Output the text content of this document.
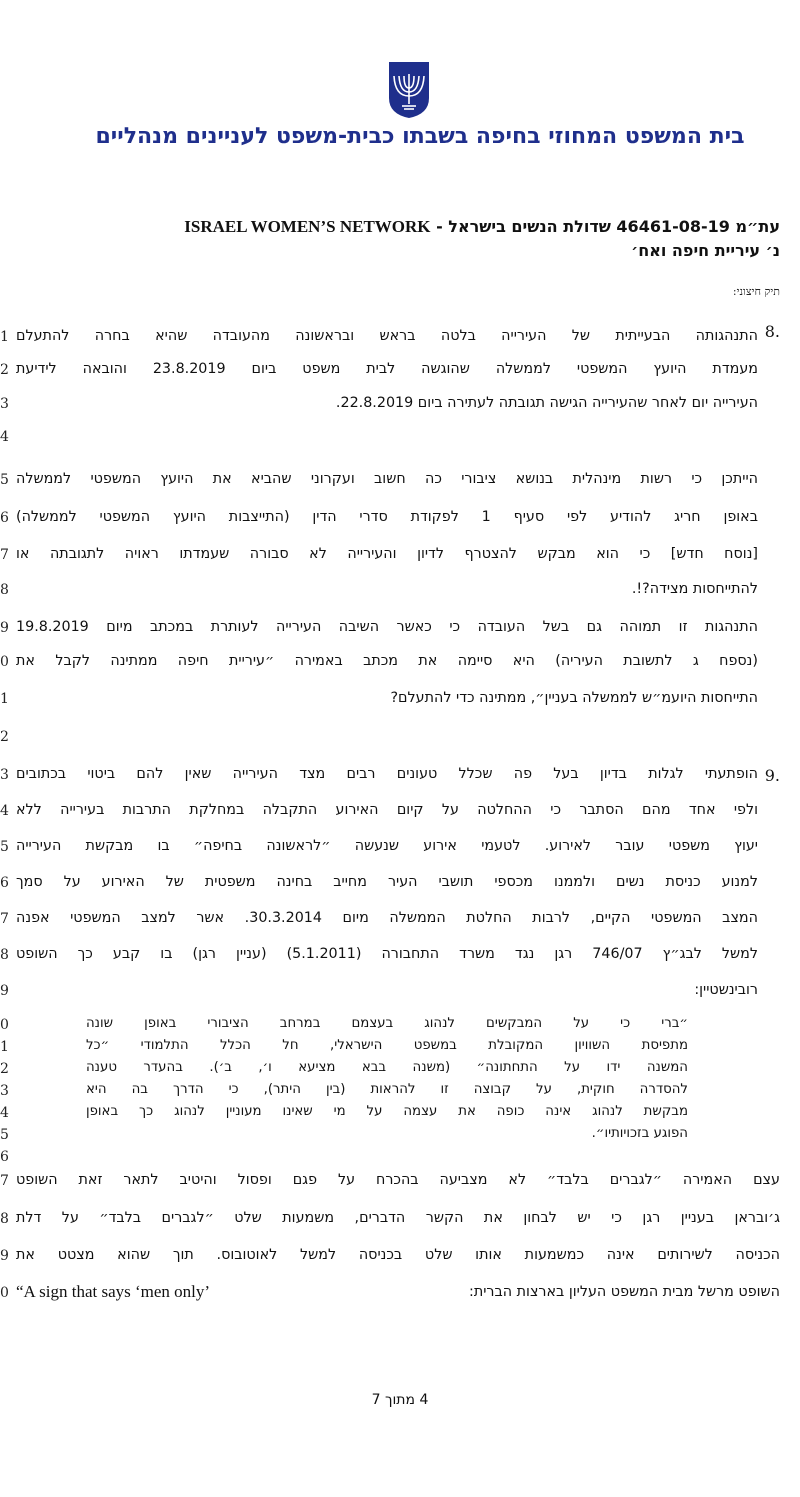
בית המשפט המחוזי בחיפה בשבתו כבית-משפט לעניינים מנהליים
עת״מ 46461-08-19 שדולת הנשים בישראל - ISRAEL WOMEN’S NETWORK
נ׳ עיריית חיפה ואח׳
תיק חיצוני:
8.
9.
1
2
3
4
5
6
7
8
9
0
1
2
3
4
5
6
7
8
9
0
1
2
3
4
5
6
7
8
9
0
התנהגותה הבעייתית של העירייה בלטה בראש ובראשונה מהעובדה שהיא בחרה להתעלם
מעמדת היועץ המשפטי לממשלה שהוגשה לבית משפט ביום 23.8.2019 והובאה לידיעת
העירייה יום לאחר שהעירייה הגישה תגובתה לעתירה ביום 22.8.2019.
הייתכן כי רשות מינהלית בנושא ציבורי כה חשוב ועקרוני שהביא את היועץ המשפטי לממשלה
באופן חריג להודיע לפי סעיף 1 לפקודת סדרי הדין (התייצבות היועץ המשפטי לממשלה)
[נוסח חדש] כי הוא מבקש להצטרף לדיון והעירייה לא סבורה שעמדתו ראויה לתגובתה או
להתייחסות מצידה?!.
התנהגות זו תמוהה גם בשל העובדה כי כאשר השיבה העירייה לעותרת במכתב מיום 19.8.2019
(נספח ג לתשובת העיריה) היא סיימה את מכתב באמירה ״עיריית חיפה ממתינה לקבל את
התייחסות היועמ״ש לממשלה בעניין״, ממתינה כדי להתעלם?
הופתעתי לגלות בדיון בעל פה שכלל טעונים רבים מצד העירייה שאין להם ביטוי בכתובים
ולפי אחד מהם הסתבר כי ההחלטה על קיום האירוע התקבלה במחלקת התרבות בעירייה ללא
יעוץ משפטי עובר לאירוע. לטעמי אירוע שנעשה ״לראשונה בחיפה״ בו מבקשת העירייה
למנוע כניסת נשים ולממנו מכספי תושבי העיר מחייב בחינה משפטית של האירוע על סמך
המצב המשפטי הקיים, לרבות החלטת הממשלה מיום 30.3.2014. אשר למצב המשפטי אפנה
למשל לבג״ץ 746/07 רגן נגד משרד התחבורה (5.1.2011) (עניין רגן) בו קבע כך השופט
רובינשטיין:
״ברי כי על המבקשים לנהוג בעצמם במרחב הציבורי באופן שונה
מתפיסת השוויון המקובלת במשפט הישראלי, חל הכלל התלמודי ״כל
המשנה ידו על התחתונה״ (משנה בבא מציעא ו׳, ב׳). בהעדר טענה
להסדרה חוקית, על קבוצה זו להראות (בין היתר), כי הדרך בה היא
מבקשת לנהוג אינה כופה את עצמה על מי שאינו מעוניין לנהוג כך באופן
הפוגע בזכויותיו״.
עצם האמירה ״לגברים בלבד״ לא מצביעה בהכרח על פגם ופסול והיטיב לתאר זאת השופט
ג׳ובראן בעניין רגן כי יש לבחון את הקשר הדברים, משמעות שלט ״לגברים בלבד״ על דלת
הכניסה לשירותים אינה כמשמעות אותו שלט בכניסה למשל לאוטובוס. תוך שהוא מצטט את
השופט מרשל מבית המשפט העליון בארצות הברית:
“A sign that says ‘men only’
4 מתוך 7
